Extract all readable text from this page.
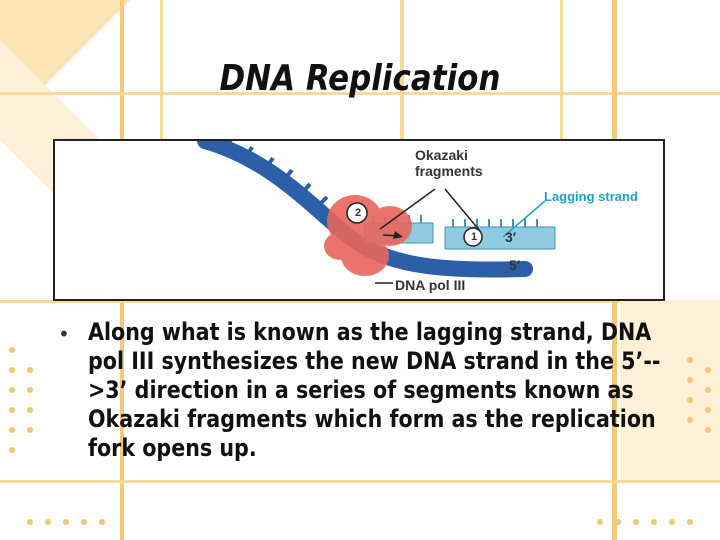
DNA Replication
Okazaki
fragments
Lagging strand
2
1 3′
5′
DNA pol III
• Along what is known as the lagging strand, DNA pol III synthesizes the new DNA strand in the 5’-->3’ direction in a series of segments known as Okazaki fragments which form as the replication fork opens up.
